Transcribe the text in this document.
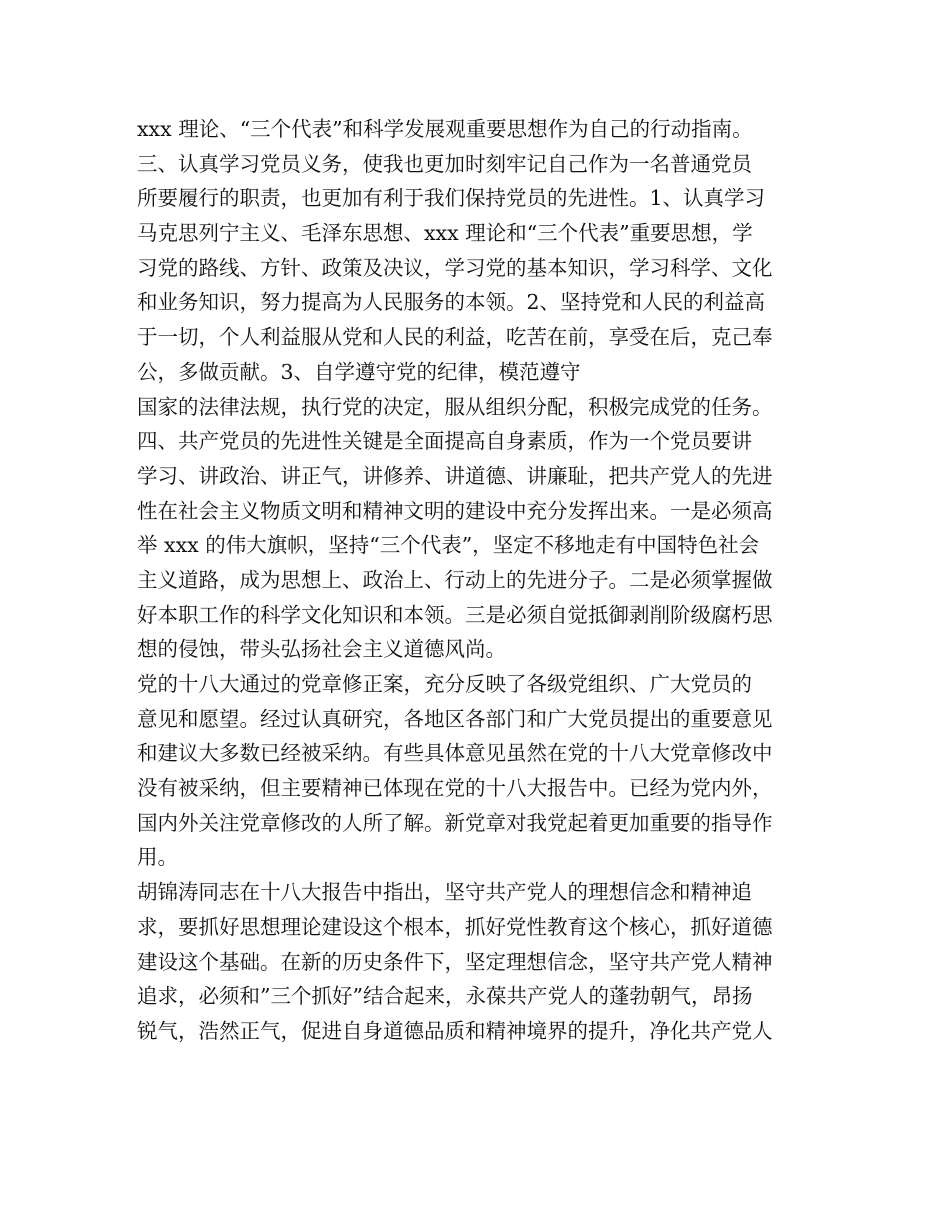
xxx 理论、“三个代表”和科学发展观重要思想作为自己的行动指南。
三、认真学习党员义务，使我也更加时刻牢记自己作为一名普通党员
所要履行的职责，也更加有利于我们保持党员的先进性。1、认真学习
马克思列宁主义、毛泽东思想、xxx 理论和“三个代表”重要思想，学
习党的路线、方针、政策及决议，学习党的基本知识，学习科学、文化
和业务知识，努力提高为人民服务的本领。2、坚持党和人民的利益高
于一切，个人利益服从党和人民的利益，吃苦在前，享受在后，克己奉
公，多做贡献。3、自学遵守党的纪律，模范遵守
国家的法律法规，执行党的决定，服从组织分配，积极完成党的任务。
四、共产党员的先进性关键是全面提高自身素质，作为一个党员要讲
学习、讲政治、讲正气，讲修养、讲道德、讲廉耻，把共产党人的先进
性在社会主义物质文明和精神文明的建设中充分发挥出来。一是必须高
举 xxx 的伟大旗帜，坚持“三个代表”，坚定不移地走有中国特色社会
主义道路，成为思想上、政治上、行动上的先进分子。二是必须掌握做
好本职工作的科学文化知识和本领。三是必须自觉抵御剥削阶级腐朽思
想的侵蚀，带头弘扬社会主义道德风尚。
党的十八大通过的党章修正案，充分反映了各级党组织、广大党员的
意见和愿望。经过认真研究，各地区各部门和广大党员提出的重要意见
和建议大多数已经被采纳。有些具体意见虽然在党的十八大党章修改中
没有被采纳，但主要精神已体现在党的十八大报告中。已经为党内外，
国内外关注党章修改的人所了解。新党章对我党起着更加重要的指导作
用。
胡锦涛同志在十八大报告中指出，坚守共产党人的理想信念和精神追
求，要抓好思想理论建设这个根本，抓好党性教育这个核心，抓好道德
建设这个基础。在新的历史条件下，坚定理想信念，坚守共产党人精神
追求，必须和”三个抓好”结合起来，永葆共产党人的蓬勃朝气，昂扬
锐气，浩然正气，促进自身道德品质和精神境界的提升，净化共产党人
